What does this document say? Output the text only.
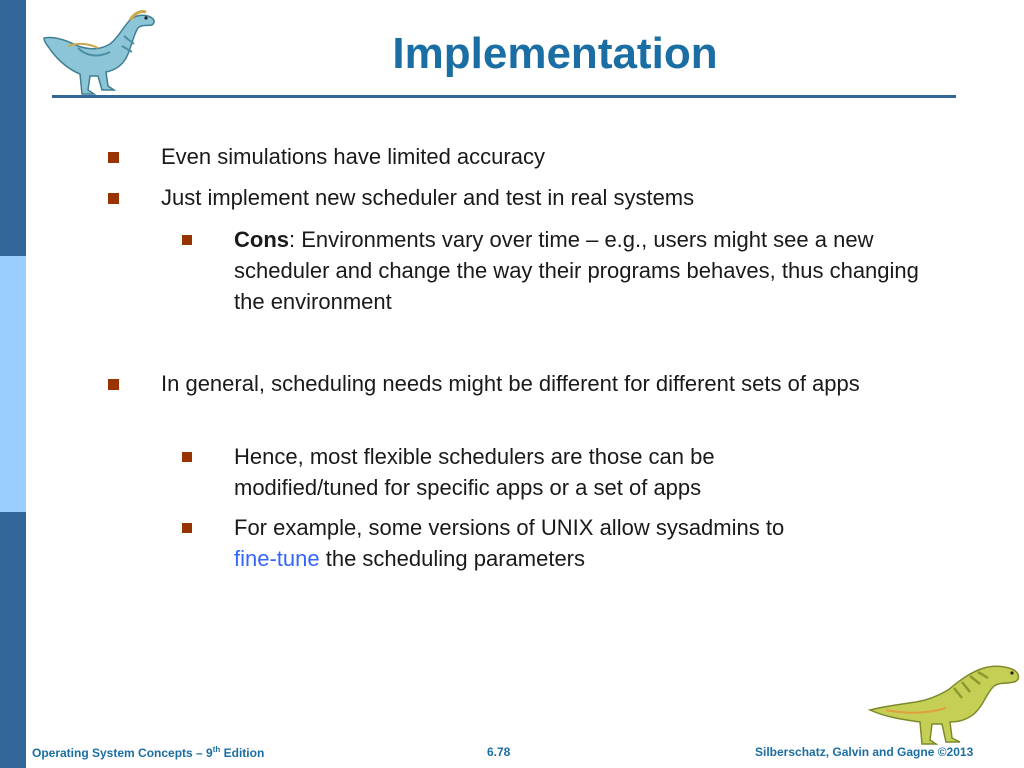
Implementation
Even simulations have limited accuracy
Just implement new scheduler and test in real systems
Cons: Environments vary over time – e.g., users might see a new scheduler and change the way their programs behaves, thus changing the environment
In general, scheduling needs might be different for different sets of apps
Hence, most flexible schedulers are those can be modified/tuned for specific apps or a set of apps
For example, some versions of UNIX allow sysadmins to
fine-tune the scheduling parameters
Operating System Concepts – 9th Edition	6.78	Silberschatz, Galvin and Gagne ©2013
